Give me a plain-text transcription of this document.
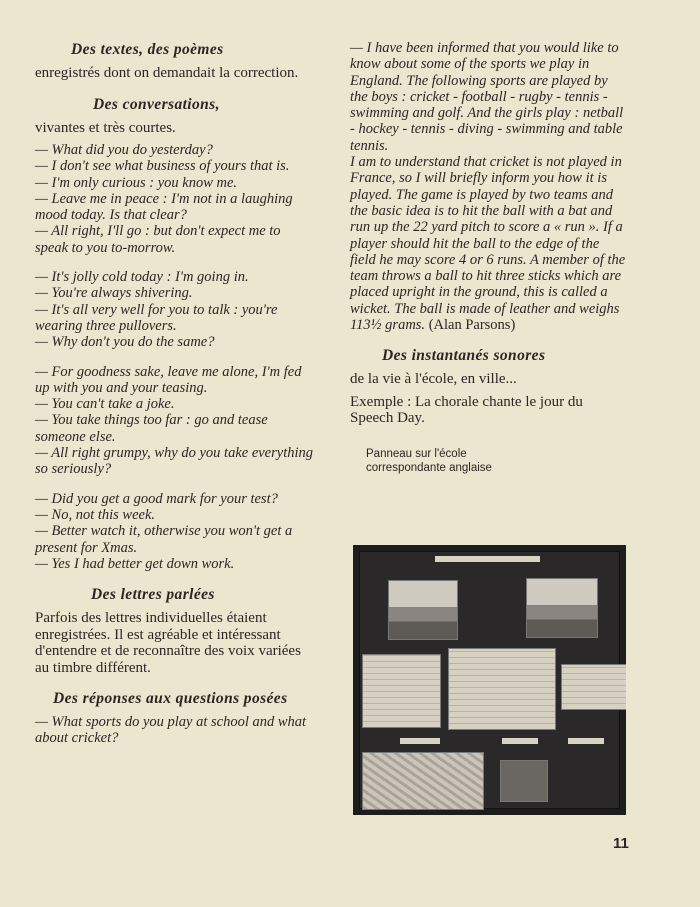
Des textes, des poèmes

enregistrés dont on demandait la correction.

Des conversations,

vivantes et très courtes.

— What did you do yesterday?

— I don't see what business of yours that is.

— I'm only curious : you know me.

— Leave me in peace : I'm not in a laughing mood today. Is that clear?

— All right, I'll go : but don't expect me to speak to you to-morrow.

— It's jolly cold today : I'm going in.

— You're always shivering.

— It's all very well for you to talk : you're wearing three pullovers.

— Why don't you do the same?

— For goodness sake, leave me alone, I'm fed up with you and your teasing.

— You can't take a joke.

— You take things too far : go and tease someone else.

— All right grumpy, why do you take everything so seriously?

— Did you get a good mark for your test?

— No, not this week.

— Better watch it, otherwise you won't get a present for Xmas.

— Yes I had better get down work.

Des lettres parlées

Parfois des lettres individuelles étaient enregistrées. Il est agréable et intéressant d'entendre et de reconnaître des voix variées au timbre différent.

Des réponses aux questions posées

— What sports do you play at school and what about cricket?

— I have been informed that you would like to know about some of the sports we play in England. The following sports are played by the boys : cricket - football - rugby - tennis - swimming and golf. And the girls play : netball - hockey - tennis - diving - swimming and table tennis.

I am to understand that cricket is not played in France, so I will briefly inform you how it is played. The game is played by two teams and the basic idea is to hit the ball with a bat and run up the 22 yard pitch to score a « run ». If a player should hit the ball to the edge of the field he may score 4 or 6 runs. A member of the team throws a ball to hit three sticks which are placed upright in the ground, this is called a wicket. The ball is made of leather and weighs 113½ grams. (Alan Parsons)

Des instantanés sonores

de la vie à l'école, en ville...

Exemple : La chorale chante le jour du Speech Day.

Panneau sur l'école
correspondante anglaise
11
